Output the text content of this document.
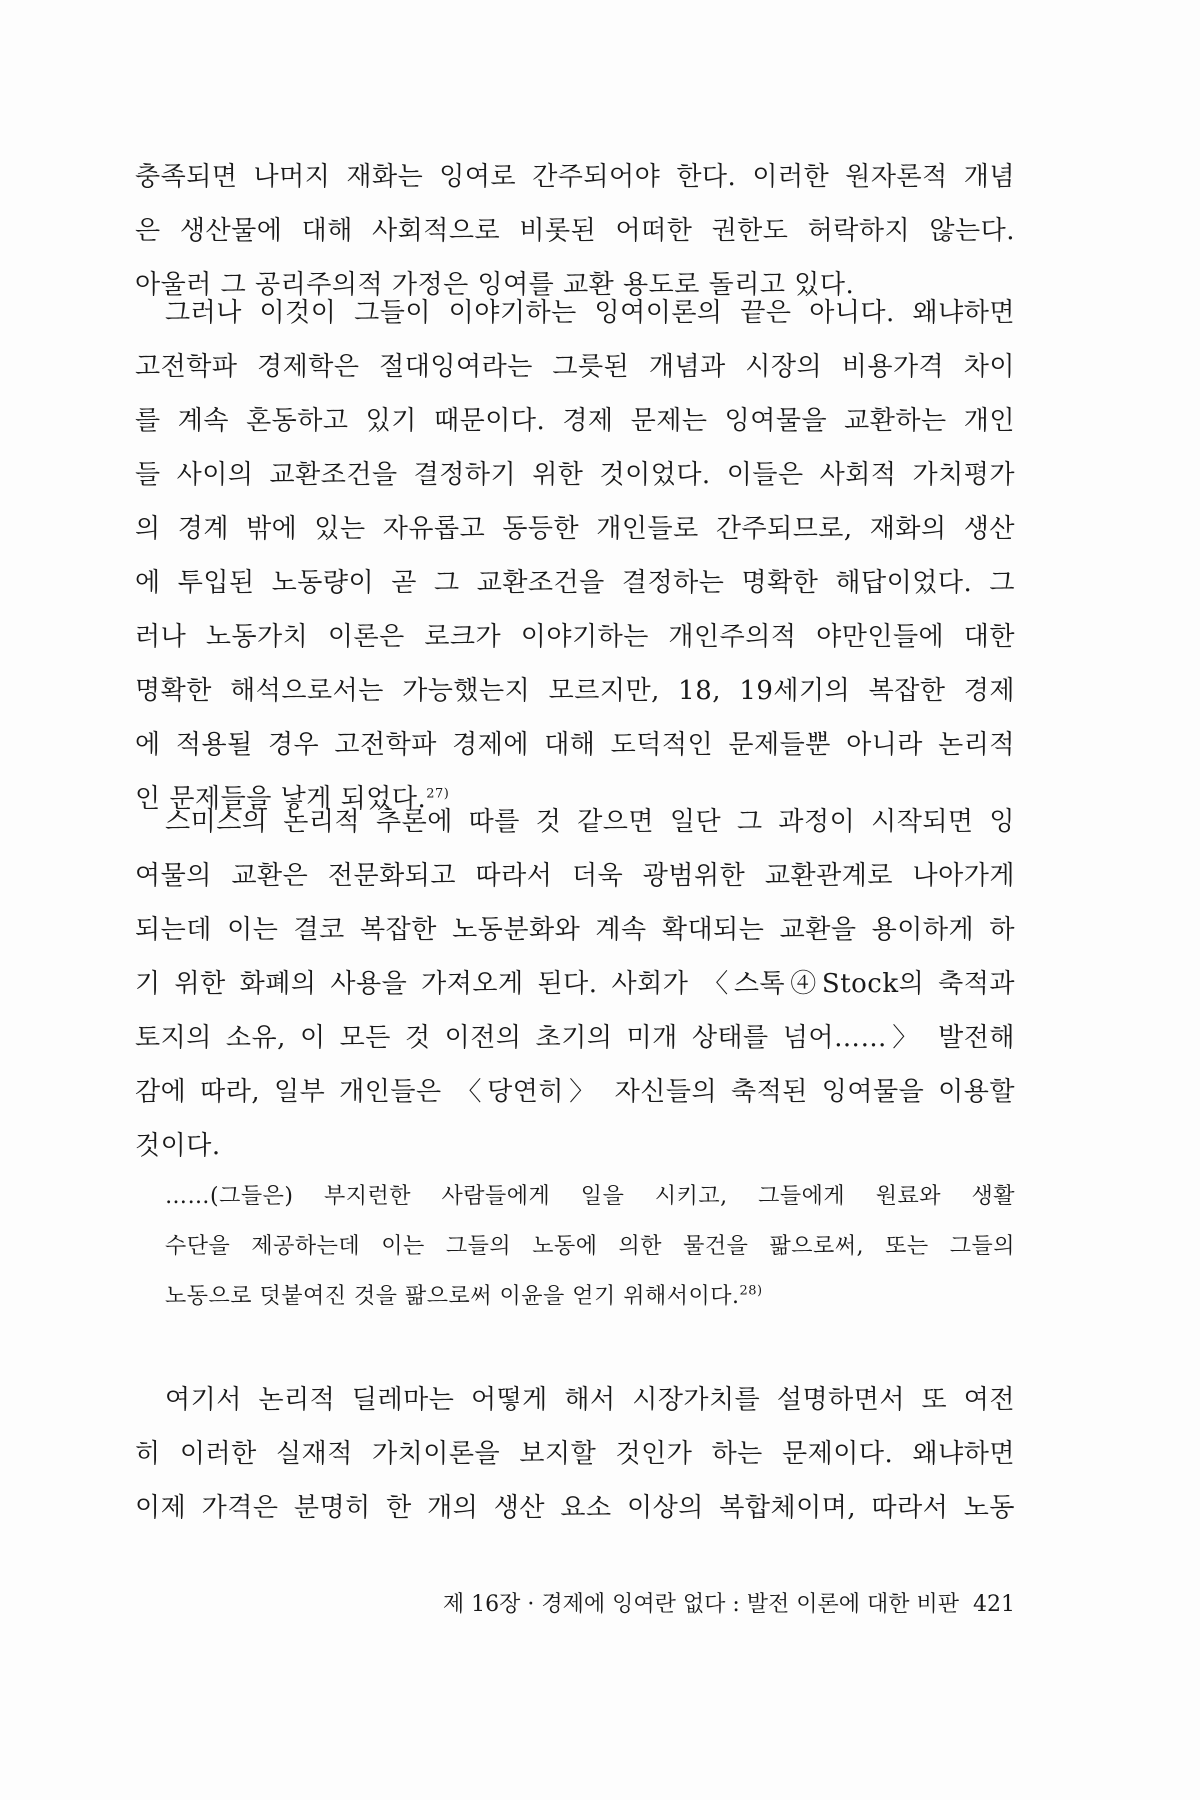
충족되면 나머지 재화는 잉여로 간주되어야 한다. 이러한 원자론적 개념
은 생산물에 대해 사회적으로 비롯된 어떠한 권한도 허락하지 않는다.
아울러 그 공리주의적 가정은 잉여를 교환 용도로 돌리고 있다.
그러나 이것이 그들이 이야기하는 잉여이론의 끝은 아니다. 왜냐하면
고전학파 경제학은 절대잉여라는 그릇된 개념과 시장의 비용가격 차이
를 계속 혼동하고 있기 때문이다. 경제 문제는 잉여물을 교환하는 개인
들 사이의 교환조건을 결정하기 위한 것이었다. 이들은 사회적 가치평가
의 경계 밖에 있는 자유롭고 동등한 개인들로 간주되므로, 재화의 생산
에 투입된 노동량이 곧 그 교환조건을 결정하는 명확한 해답이었다. 그
러나 노동가치 이론은 로크가 이야기하는 개인주의적 야만인들에 대한
명확한 해석으로서는 가능했는지 모르지만, 18, 19세기의 복잡한 경제
에 적용될 경우 고전학파 경제에 대해 도덕적인 문제들뿐 아니라 논리적
인 문제들을 낳게 되었다.$^{27)}$
스미스의 논리적 추론에 따를 것 같으면 일단 그 과정이 시작되면 잉
여물의 교환은 전문화되고 따라서 더욱 광범위한 교환관계로 나아가게
되는데 이는 결코 복잡한 노동분화와 계속 확대되는 교환을 용이하게 하
기 위한 화폐의 사용을 가져오게 된다. 사회가 〈스톡④Stock의 축적과
토지의 소유, 이 모든 것 이전의 초기의 미개 상태를 넘어……〉 발전해
감에 따라, 일부 개인들은 〈당연히〉 자신들의 축적된 잉여물을 이용할
것이다.
……(그들은) 부지런한 사람들에게 일을 시키고, 그들에게 원료와 생활
수단을 제공하는데 이는 그들의 노동에 의한 물건을 팖으로써, 또는 그들의
노동으로 덧붙여진 것을 팖으로써 이윤을 얻기 위해서이다.$^{28)}$
여기서 논리적 딜레마는 어떻게 해서 시장가치를 설명하면서 또 여전
히 이러한 실재적 가치이론을 보지할 것인가 하는 문제이다. 왜냐하면
이제 가격은 분명히 한 개의 생산 요소 이상의 복합체이며, 따라서 노동
제 16장 · 경제에 잉여란 없다 : 발전 이론에 대한 비판 421
